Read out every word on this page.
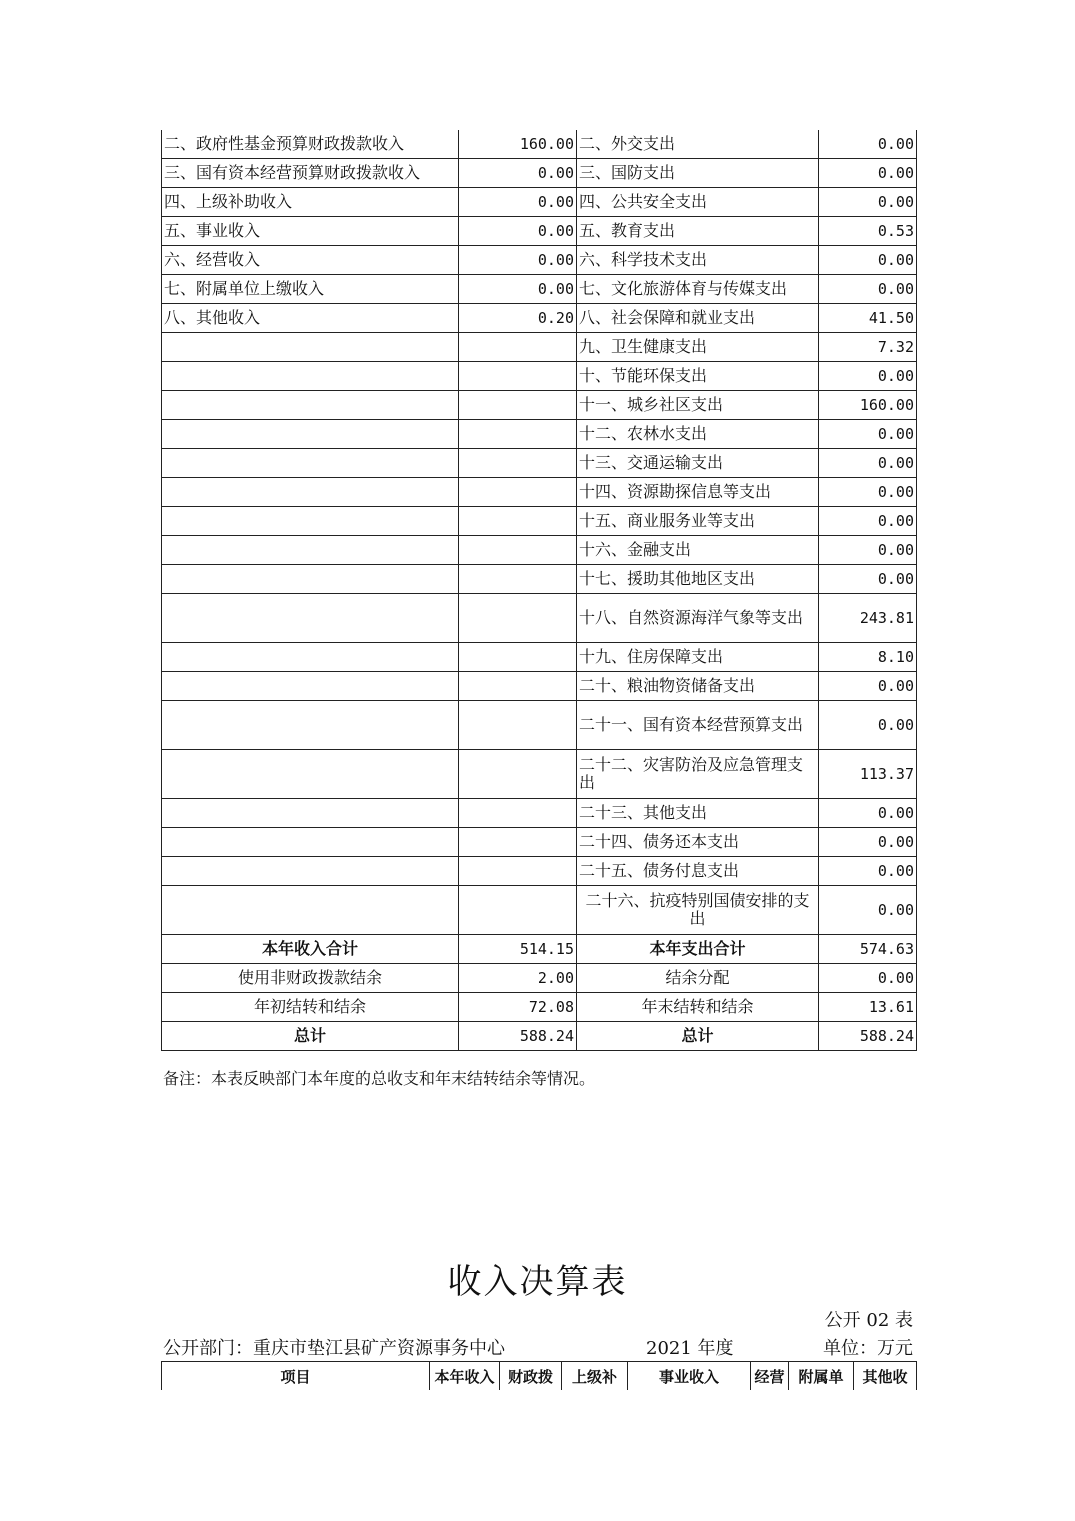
二、政府性基金预算财政拨款收入	160.00	二、外交支出	0.00
三、国有资本经营预算财政拨款收入	0.00	三、国防支出	0.00
四、上级补助收入	0.00	四、公共安全支出	0.00
五、事业收入	0.00	五、教育支出	0.53
六、经营收入	0.00	六、科学技术支出	0.00
七、附属单位上缴收入	0.00	七、文化旅游体育与传媒支出	0.00
八、其他收入	0.20	八、社会保障和就业支出	41.50
		九、卫生健康支出	7.32
		十、节能环保支出	0.00
		十一、城乡社区支出	160.00
		十二、农林水支出	0.00
		十三、交通运输支出	0.00
		十四、资源勘探信息等支出	0.00
		十五、商业服务业等支出	0.00
		十六、金融支出	0.00
		十七、援助其他地区支出	0.00
		十八、自然资源海洋气象等支出	243.81
		十九、住房保障支出	8.10
		二十、粮油物资储备支出	0.00
		二十一、国有资本经营预算支出	0.00
		二十二、灾害防治及应急管理支出	113.37
		二十三、其他支出	0.00
		二十四、债务还本支出	0.00
		二十五、债务付息支出	0.00
		二十六、抗疫特别国债安排的支出	0.00
本年收入合计	514.15	本年支出合计	574.63
使用非财政拨款结余	2.00	结余分配	0.00
年初结转和结余	72.08	年末结转和结余	13.61
总计	588.24	总计	588.24
备注：本表反映部门本年度的总收支和年末结转结余等情况。
收入决算表
公开 02 表
公开部门：重庆市垫江县矿产资源事务中心	2021 年度	单位：万元
项目	本年收入	财政拨	上级补	事业收入	经营	附属单	其他收
